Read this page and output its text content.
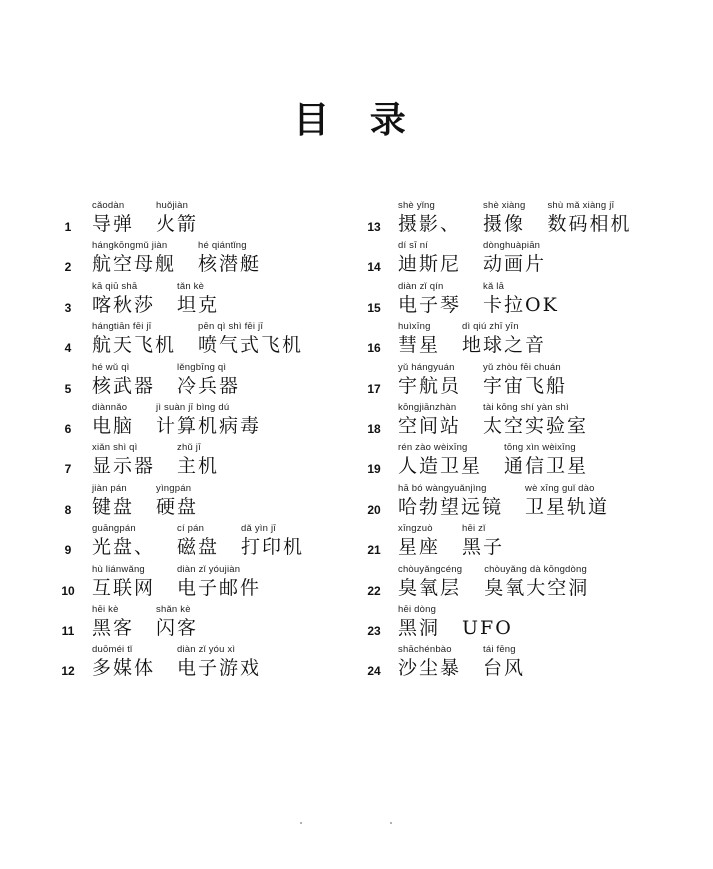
目 录
1
cǎodàn
导弹
huǒjiàn
火箭
2
hángkōngmǔ jiàn
航空母舰
hé qiántǐng
核潜艇
3
kā qiū shā
喀秋莎
tǎn kè
坦克
4
hángtiān fēi jī
航天飞机
pēn qì shì fēi jī
喷气式飞机
5
hé wǔ qì
核武器
lěngbīng qì
冷兵器
6
diànnǎo
电脑
jì suàn jī bìng dú
计算机病毒
7
xiǎn shì qì
显示器
zhǔ jī
主机
8
jiàn pán
键盘
yìngpán
硬盘
9
guāngpán
光盘、
cí pán
磁盘
dǎ yìn jī
打印机
10
hù liánwǎng
互联网
diàn zǐ yóujiàn
电子邮件
11
hēi kè
黑客
shǎn kè
闪客
12
duōméi tǐ
多媒体
diàn zǐ yóu xì
电子游戏
13
shè yǐng
摄影、
shè xiàng
摄像
shù mǎ xiàng jī
数码相机
14
dí sī ní
迪斯尼
dònghuàpiān
动画片
15
diàn zǐ qín
电子琴
kǎ lā
卡拉OK
16
huìxīng
彗星
dì qiú zhī yīn
地球之音
17
yǔ hángyuán
宇航员
yǔ zhòu fēi chuán
宇宙飞船
18
kōngjiānzhàn
空间站
tài kōng shí yàn shì
太空实验室
19
rén zào wèixīng
人造卫星
tōng xìn wèixīng
通信卫星
20
hā bó wàngyuǎnjìng
哈勃望远镜
wè xīng guǐ dào
卫星轨道
21
xīngzuò
星座
hēi zǐ
黑子
22
chòuyǎngcéng
臭氧层
chòuyǎng dà kōngdòng
臭氧大空洞
23
hēi dòng
黑洞 UFO
24
shāchénbào
沙尘暴
tái fēng
台风
